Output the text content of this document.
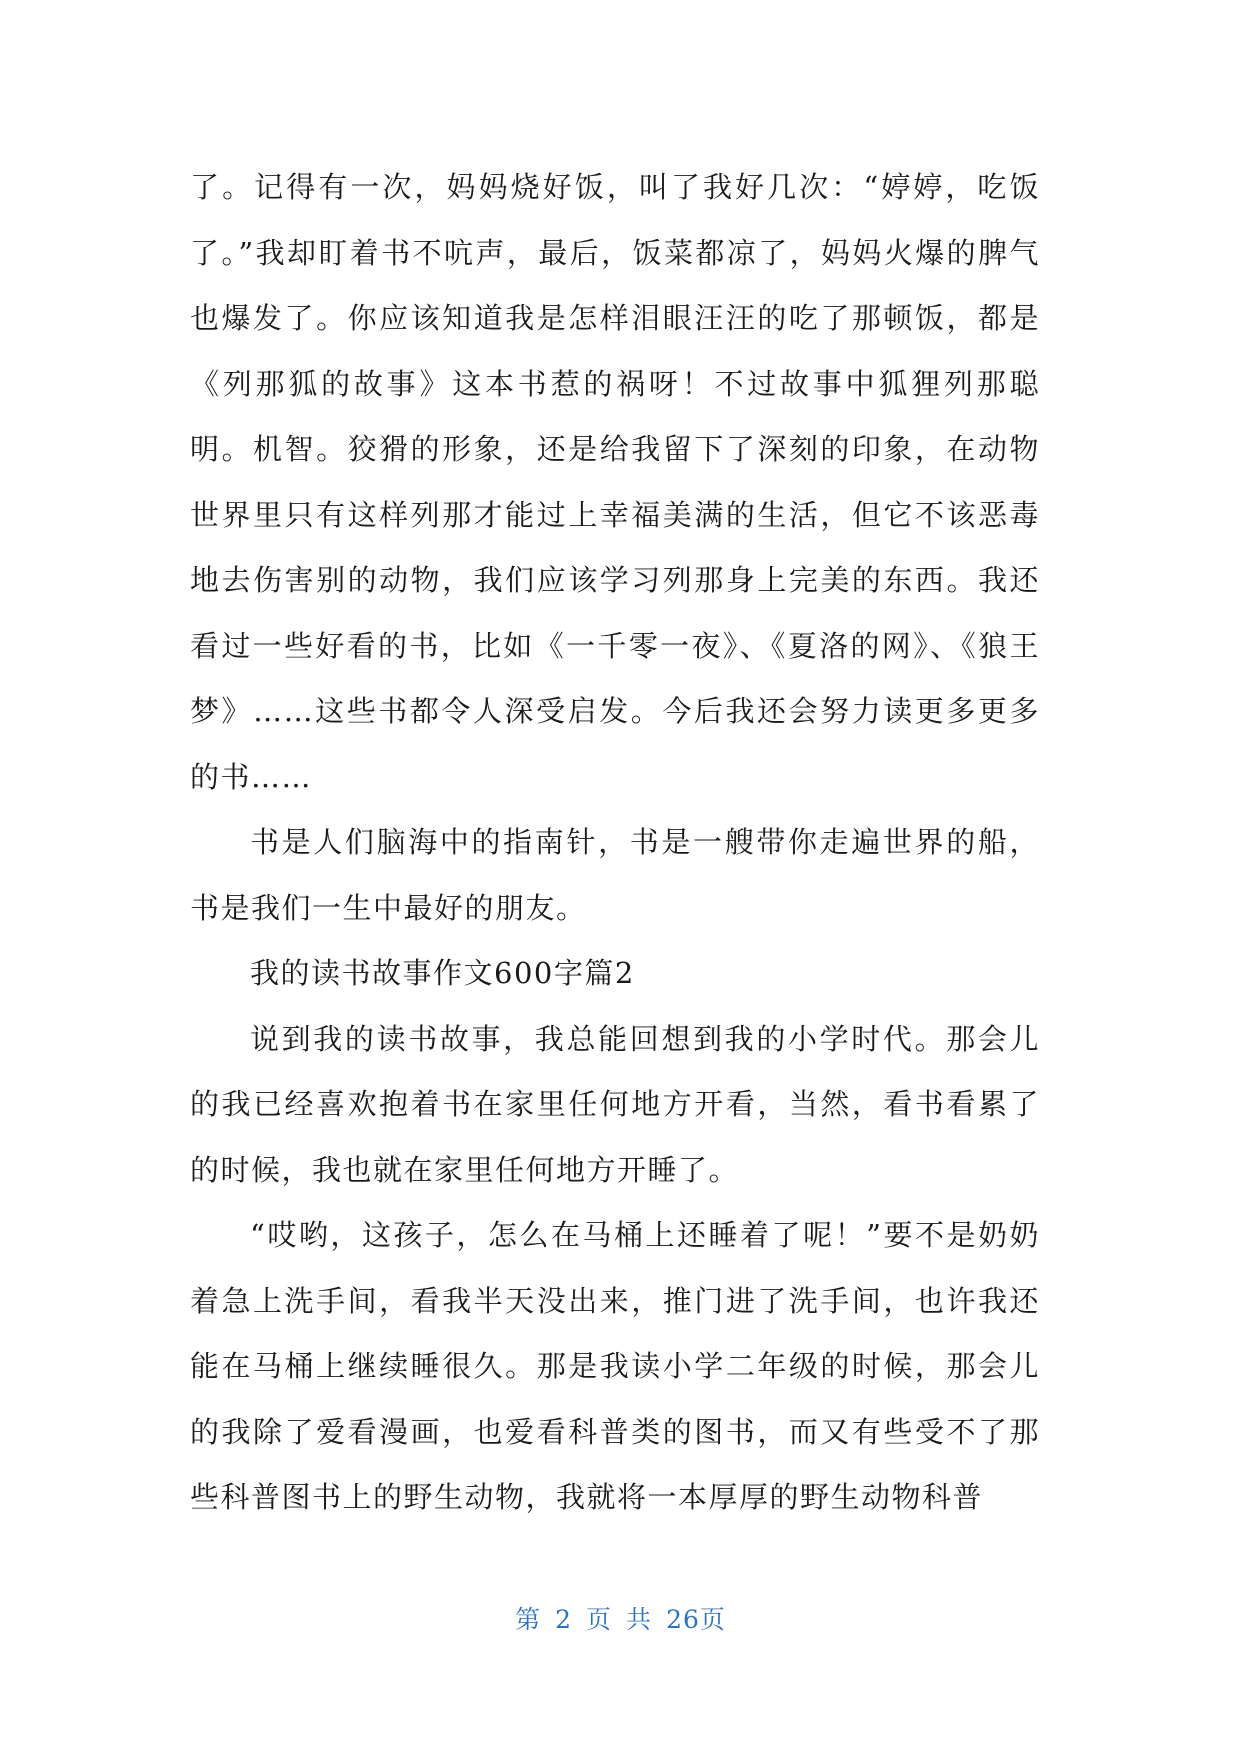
了。记得有一次，妈妈烧好饭，叫了我好几次：“婷婷，吃饭了。”我却盯着书不吭声，最后，饭菜都凉了，妈妈火爆的脾气也爆发了。你应该知道我是怎样泪眼汪汪的吃了那顿饭，都是《列那狐的故事》这本书惹的祸呀！不过故事中狐狸列那聪明。机智。狡猾的形象，还是给我留下了深刻的印象，在动物世界里只有这样列那才能过上幸福美满的生活，但它不该恶毒地去伤害别的动物，我们应该学习列那身上完美的东西。我还看过一些好看的书，比如《一千零一夜》、《夏洛的网》、《狼王梦》……这些书都令人深受启发。今后我还会努力读更多更多的书……

书是人们脑海中的指南针，书是一艘带你走遍世界的船，书是我们一生中最好的朋友。

我的读书故事作文600字篇2

说到我的读书故事，我总能回想到我的小学时代。那会儿的我已经喜欢抱着书在家里任何地方开看，当然，看书看累了的时候，我也就在家里任何地方开睡了。

“哎哟，这孩子，怎么在马桶上还睡着了呢！”要不是奶奶着急上洗手间，看我半天没出来，推门进了洗手间，也许我还能在马桶上继续睡很久。那是我读小学二年级的时候，那会儿的我除了爱看漫画，也爱看科普类的图书，而又有些受不了那些科普图书上的野生动物，我就将一本厚厚的野生动物科普

第 2 页 共 26页
